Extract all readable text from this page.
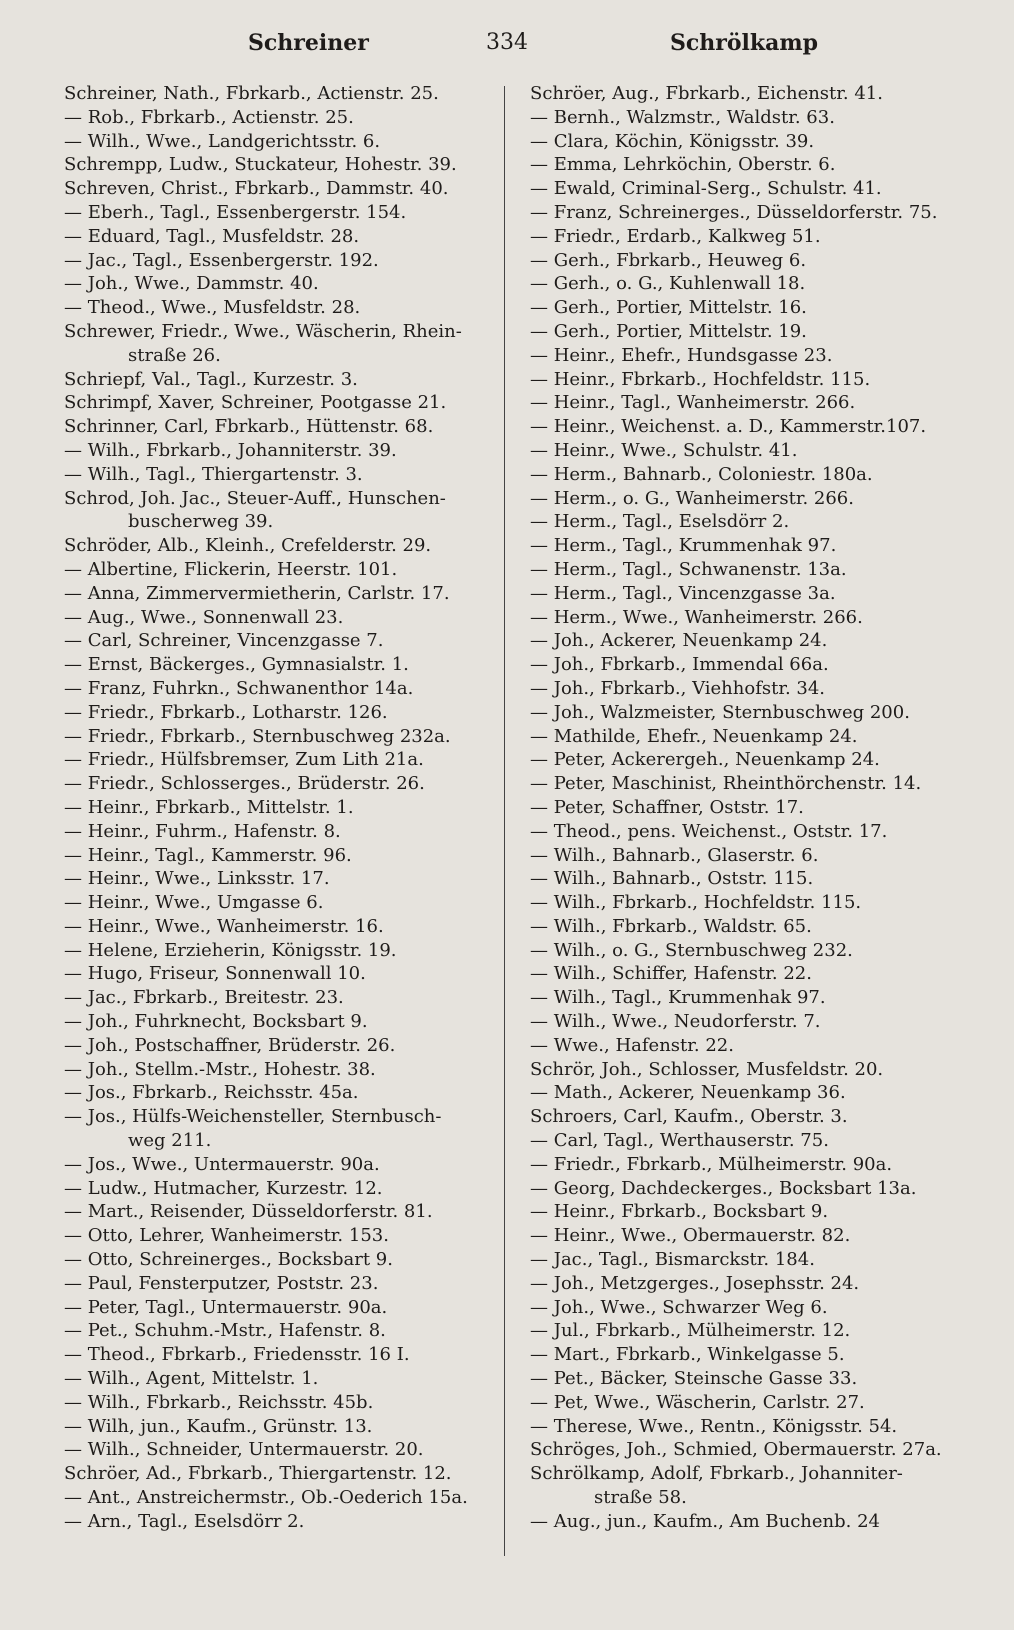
Schreiner	334	Schrölkamp
Schreiner, Nath., Fbrkarb., Actienstr. 25.
— Rob., Fbrkarb., Actienstr. 25.
— Wilh., Wwe., Landgerichtsstr. 6.
Schrempp, Ludw., Stuckateur, Hohestr. 39.
Schreven, Christ., Fbrkarb., Dammstr. 40.
— Eberh., Tagl., Essenbergerstr. 154.
— Eduard, Tagl., Musfeldstr. 28.
— Jac., Tagl., Essenbergerstr. 192.
— Joh., Wwe., Dammstr. 40.
— Theod., Wwe., Musfeldstr. 28.
Schrewer, Friedr., Wwe., Wäscherin, Rhein-
straße 26.
Schriepf, Val., Tagl., Kurzestr. 3.
Schrimpf, Xaver, Schreiner, Pootgasse 21.
Schrinner, Carl, Fbrkarb., Hüttenstr. 68.
— Wilh., Fbrkarb., Johanniterstr. 39.
— Wilh., Tagl., Thiergartenstr. 3.
Schrod, Joh. Jac., Steuer-Auff., Hunschen-
buscherweg 39.
Schröder, Alb., Kleinh., Crefelderstr. 29.
— Albertine, Flickerin, Heerstr. 101.
— Anna, Zimmervermietherin, Carlstr. 17.
— Aug., Wwe., Sonnenwall 23.
— Carl, Schreiner, Vincenzgasse 7.
— Ernst, Bäckerges., Gymnasialstr. 1.
— Franz, Fuhrkn., Schwanenthor 14a.
— Friedr., Fbrkarb., Lotharstr. 126.
— Friedr., Fbrkarb., Sternbuschweg 232a.
— Friedr., Hülfsbremser, Zum Lith 21a.
— Friedr., Schlosserges., Brüderstr. 26.
— Heinr., Fbrkarb., Mittelstr. 1.
— Heinr., Fuhrm., Hafenstr. 8.
— Heinr., Tagl., Kammerstr. 96.
— Heinr., Wwe., Linksstr. 17.
— Heinr., Wwe., Umgasse 6.
— Heinr., Wwe., Wanheimerstr. 16.
— Helene, Erzieherin, Königsstr. 19.
— Hugo, Friseur, Sonnenwall 10.
— Jac., Fbrkarb., Breitestr. 23.
— Joh., Fuhrknecht, Bocksbart 9.
— Joh., Postschaffner, Brüderstr. 26.
— Joh., Stellm.-Mstr., Hohestr. 38.
— Jos., Fbrkarb., Reichsstr. 45a.
— Jos., Hülfs-Weichensteller, Sternbusch-
weg 211.
— Jos., Wwe., Untermauerstr. 90a.
— Ludw., Hutmacher, Kurzestr. 12.
— Mart., Reisender, Düsseldorferstr. 81.
— Otto, Lehrer, Wanheimerstr. 153.
— Otto, Schreinerges., Bocksbart 9.
— Paul, Fensterputzer, Poststr. 23.
— Peter, Tagl., Untermauerstr. 90a.
— Pet., Schuhm.-Mstr., Hafenstr. 8.
— Theod., Fbrkarb., Friedensstr. 16 I.
— Wilh., Agent, Mittelstr. 1.
— Wilh., Fbrkarb., Reichsstr. 45b.
— Wilh, jun., Kaufm., Grünstr. 13.
— Wilh., Schneider, Untermauerstr. 20.
Schröer, Ad., Fbrkarb., Thiergartenstr. 12.
— Ant., Anstreichermstr., Ob.-Oederich 15a.
— Arn., Tagl., Eselsdörr 2.
Schröer, Aug., Fbrkarb., Eichenstr. 41.
— Bernh., Walzmstr., Waldstr. 63.
— Clara, Köchin, Königsstr. 39.
— Emma, Lehrköchin, Oberstr. 6.
— Ewald, Criminal-Serg., Schulstr. 41.
— Franz, Schreinerges., Düsseldorferstr. 75.
— Friedr., Erdarb., Kalkweg 51.
— Gerh., Fbrkarb., Heuweg 6.
— Gerh., o. G., Kuhlenwall 18.
— Gerh., Portier, Mittelstr. 16.
— Gerh., Portier, Mittelstr. 19.
— Heinr., Ehefr., Hundsgasse 23.
— Heinr., Fbrkarb., Hochfeldstr. 115.
— Heinr., Tagl., Wanheimerstr. 266.
— Heinr., Weichenst. a. D., Kammerstr.107.
— Heinr., Wwe., Schulstr. 41.
— Herm., Bahnarb., Coloniestr. 180a.
— Herm., o. G., Wanheimerstr. 266.
— Herm., Tagl., Eselsdörr 2.
— Herm., Tagl., Krummenhak 97.
— Herm., Tagl., Schwanenstr. 13a.
— Herm., Tagl., Vincenzgasse 3a.
— Herm., Wwe., Wanheimerstr. 266.
— Joh., Ackerer, Neuenkamp 24.
— Joh., Fbrkarb., Immendal 66a.
— Joh., Fbrkarb., Viehhofstr. 34.
— Joh., Walzmeister, Sternbuschweg 200.
— Mathilde, Ehefr., Neuenkamp 24.
— Peter, Ackerergeh., Neuenkamp 24.
— Peter, Maschinist, Rheinthörchenstr. 14.
— Peter, Schaffner, Oststr. 17.
— Theod., pens. Weichenst., Oststr. 17.
— Wilh., Bahnarb., Glaserstr. 6.
— Wilh., Bahnarb., Oststr. 115.
— Wilh., Fbrkarb., Hochfeldstr. 115.
— Wilh., Fbrkarb., Waldstr. 65.
— Wilh., o. G., Sternbuschweg 232.
— Wilh., Schiffer, Hafenstr. 22.
— Wilh., Tagl., Krummenhak 97.
— Wilh., Wwe., Neudorferstr. 7.
— Wwe., Hafenstr. 22.
Schrör, Joh., Schlosser, Musfeldstr. 20.
— Math., Ackerer, Neuenkamp 36.
Schroers, Carl, Kaufm., Oberstr. 3.
— Carl, Tagl., Werthauserstr. 75.
— Friedr., Fbrkarb., Mülheimerstr. 90a.
— Georg, Dachdeckerges., Bocksbart 13a.
— Heinr., Fbrkarb., Bocksbart 9.
— Heinr., Wwe., Obermauerstr. 82.
— Jac., Tagl., Bismarckstr. 184.
— Joh., Metzgerges., Josephsstr. 24.
— Joh., Wwe., Schwarzer Weg 6.
— Jul., Fbrkarb., Mülheimerstr. 12.
— Mart., Fbrkarb., Winkelgasse 5.
— Pet., Bäcker, Steinsche Gasse 33.
— Pet, Wwe., Wäscherin, Carlstr. 27.
— Therese, Wwe., Rentn., Königsstr. 54.
Schröges, Joh., Schmied, Obermauerstr. 27a.
Schrölkamp, Adolf, Fbrkarb., Johanniter-
straße 58.
— Aug., jun., Kaufm., Am Buchenb. 24
